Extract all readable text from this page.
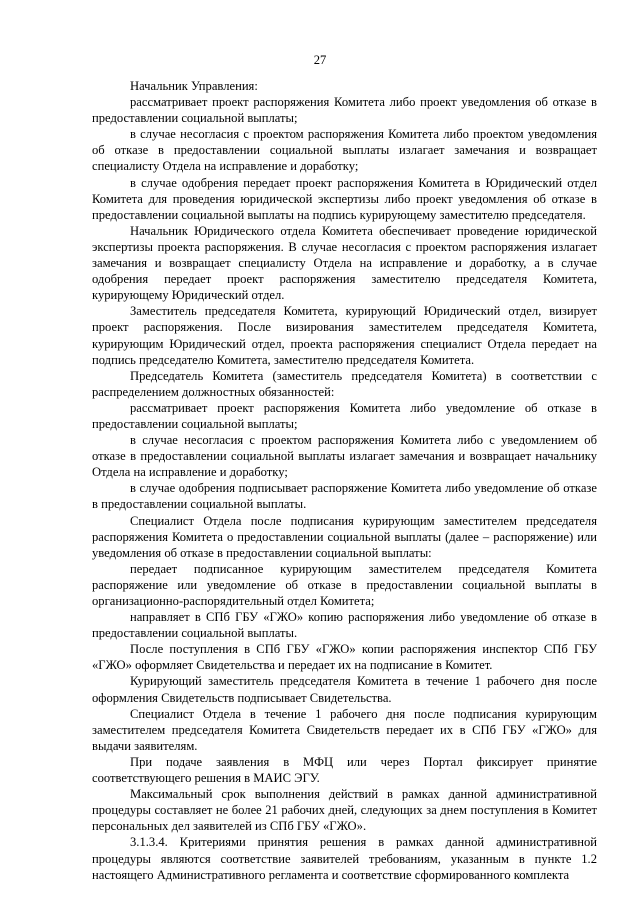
27

Начальник Управления:

рассматривает проект распоряжения Комитета либо проект уведомления об отказе в предоставлении социальной выплаты;

в случае несогласия с проектом распоряжения Комитета либо проектом уведомления об отказе в предоставлении социальной выплаты излагает замечания и возвращает специалисту Отдела на исправление и доработку;

в случае одобрения передает проект распоряжения Комитета в Юридический отдел Комитета для проведения юридической экспертизы либо проект уведомления об отказе в предоставлении социальной выплаты на подпись курирующему заместителю председателя.

Начальник Юридического отдела Комитета обеспечивает проведение юридической экспертизы проекта распоряжения. В случае несогласия с проектом распоряжения излагает замечания и возвращает специалисту Отдела на исправление и доработку, а в случае одобрения передает проект распоряжения заместителю председателя Комитета, курирующему Юридический отдел.

Заместитель председателя Комитета, курирующий Юридический отдел, визирует проект распоряжения. После визирования заместителем председателя Комитета, курирующим Юридический отдел, проекта распоряжения специалист Отдела передает на подпись председателю Комитета, заместителю председателя Комитета.

Председатель Комитета (заместитель председателя Комитета) в соответствии с распределением должностных обязанностей:

рассматривает проект распоряжения Комитета либо уведомление об отказе в предоставлении социальной выплаты;

в случае несогласия с проектом распоряжения Комитета либо с уведомлением об отказе в предоставлении социальной выплаты излагает замечания и возвращает начальнику Отдела на исправление и доработку;

в случае одобрения подписывает распоряжение Комитета либо уведомление об отказе в предоставлении социальной выплаты.

Специалист Отдела после подписания курирующим заместителем председателя распоряжения Комитета о предоставлении социальной выплаты (далее – распоряжение) или уведомления об отказе в предоставлении социальной выплаты:

передает подписанное курирующим заместителем председателя Комитета распоряжение или уведомление об отказе в предоставлении социальной выплаты в организационно-распорядительный отдел Комитета;

направляет в СПб ГБУ «ГЖО» копию распоряжения либо уведомление об отказе в предоставлении социальной выплаты.

После поступления в СПб ГБУ «ГЖО» копии распоряжения инспектор СПб ГБУ «ГЖО» оформляет Свидетельства и передает их на подписание в Комитет.

Курирующий заместитель председателя Комитета в течение 1 рабочего дня после оформления Свидетельств подписывает Свидетельства.

Специалист Отдела в течение 1 рабочего дня после подписания курирующим заместителем председателя Комитета Свидетельств передает их в СПб ГБУ «ГЖО» для выдачи заявителям.

При подаче заявления в МФЦ или через Портал фиксирует принятие соответствующего решения в МАИС ЭГУ.

Максимальный срок выполнения действий в рамках данной административной процедуры составляет не более 21 рабочих дней, следующих за днем поступления в Комитет персональных дел заявителей из СПб ГБУ «ГЖО».

3.1.3.4. Критериями принятия решения в рамках данной административной процедуры являются соответствие заявителей требованиям, указанным в пункте 1.2 настоящего Административного регламента и соответствие сформированного комплекта
